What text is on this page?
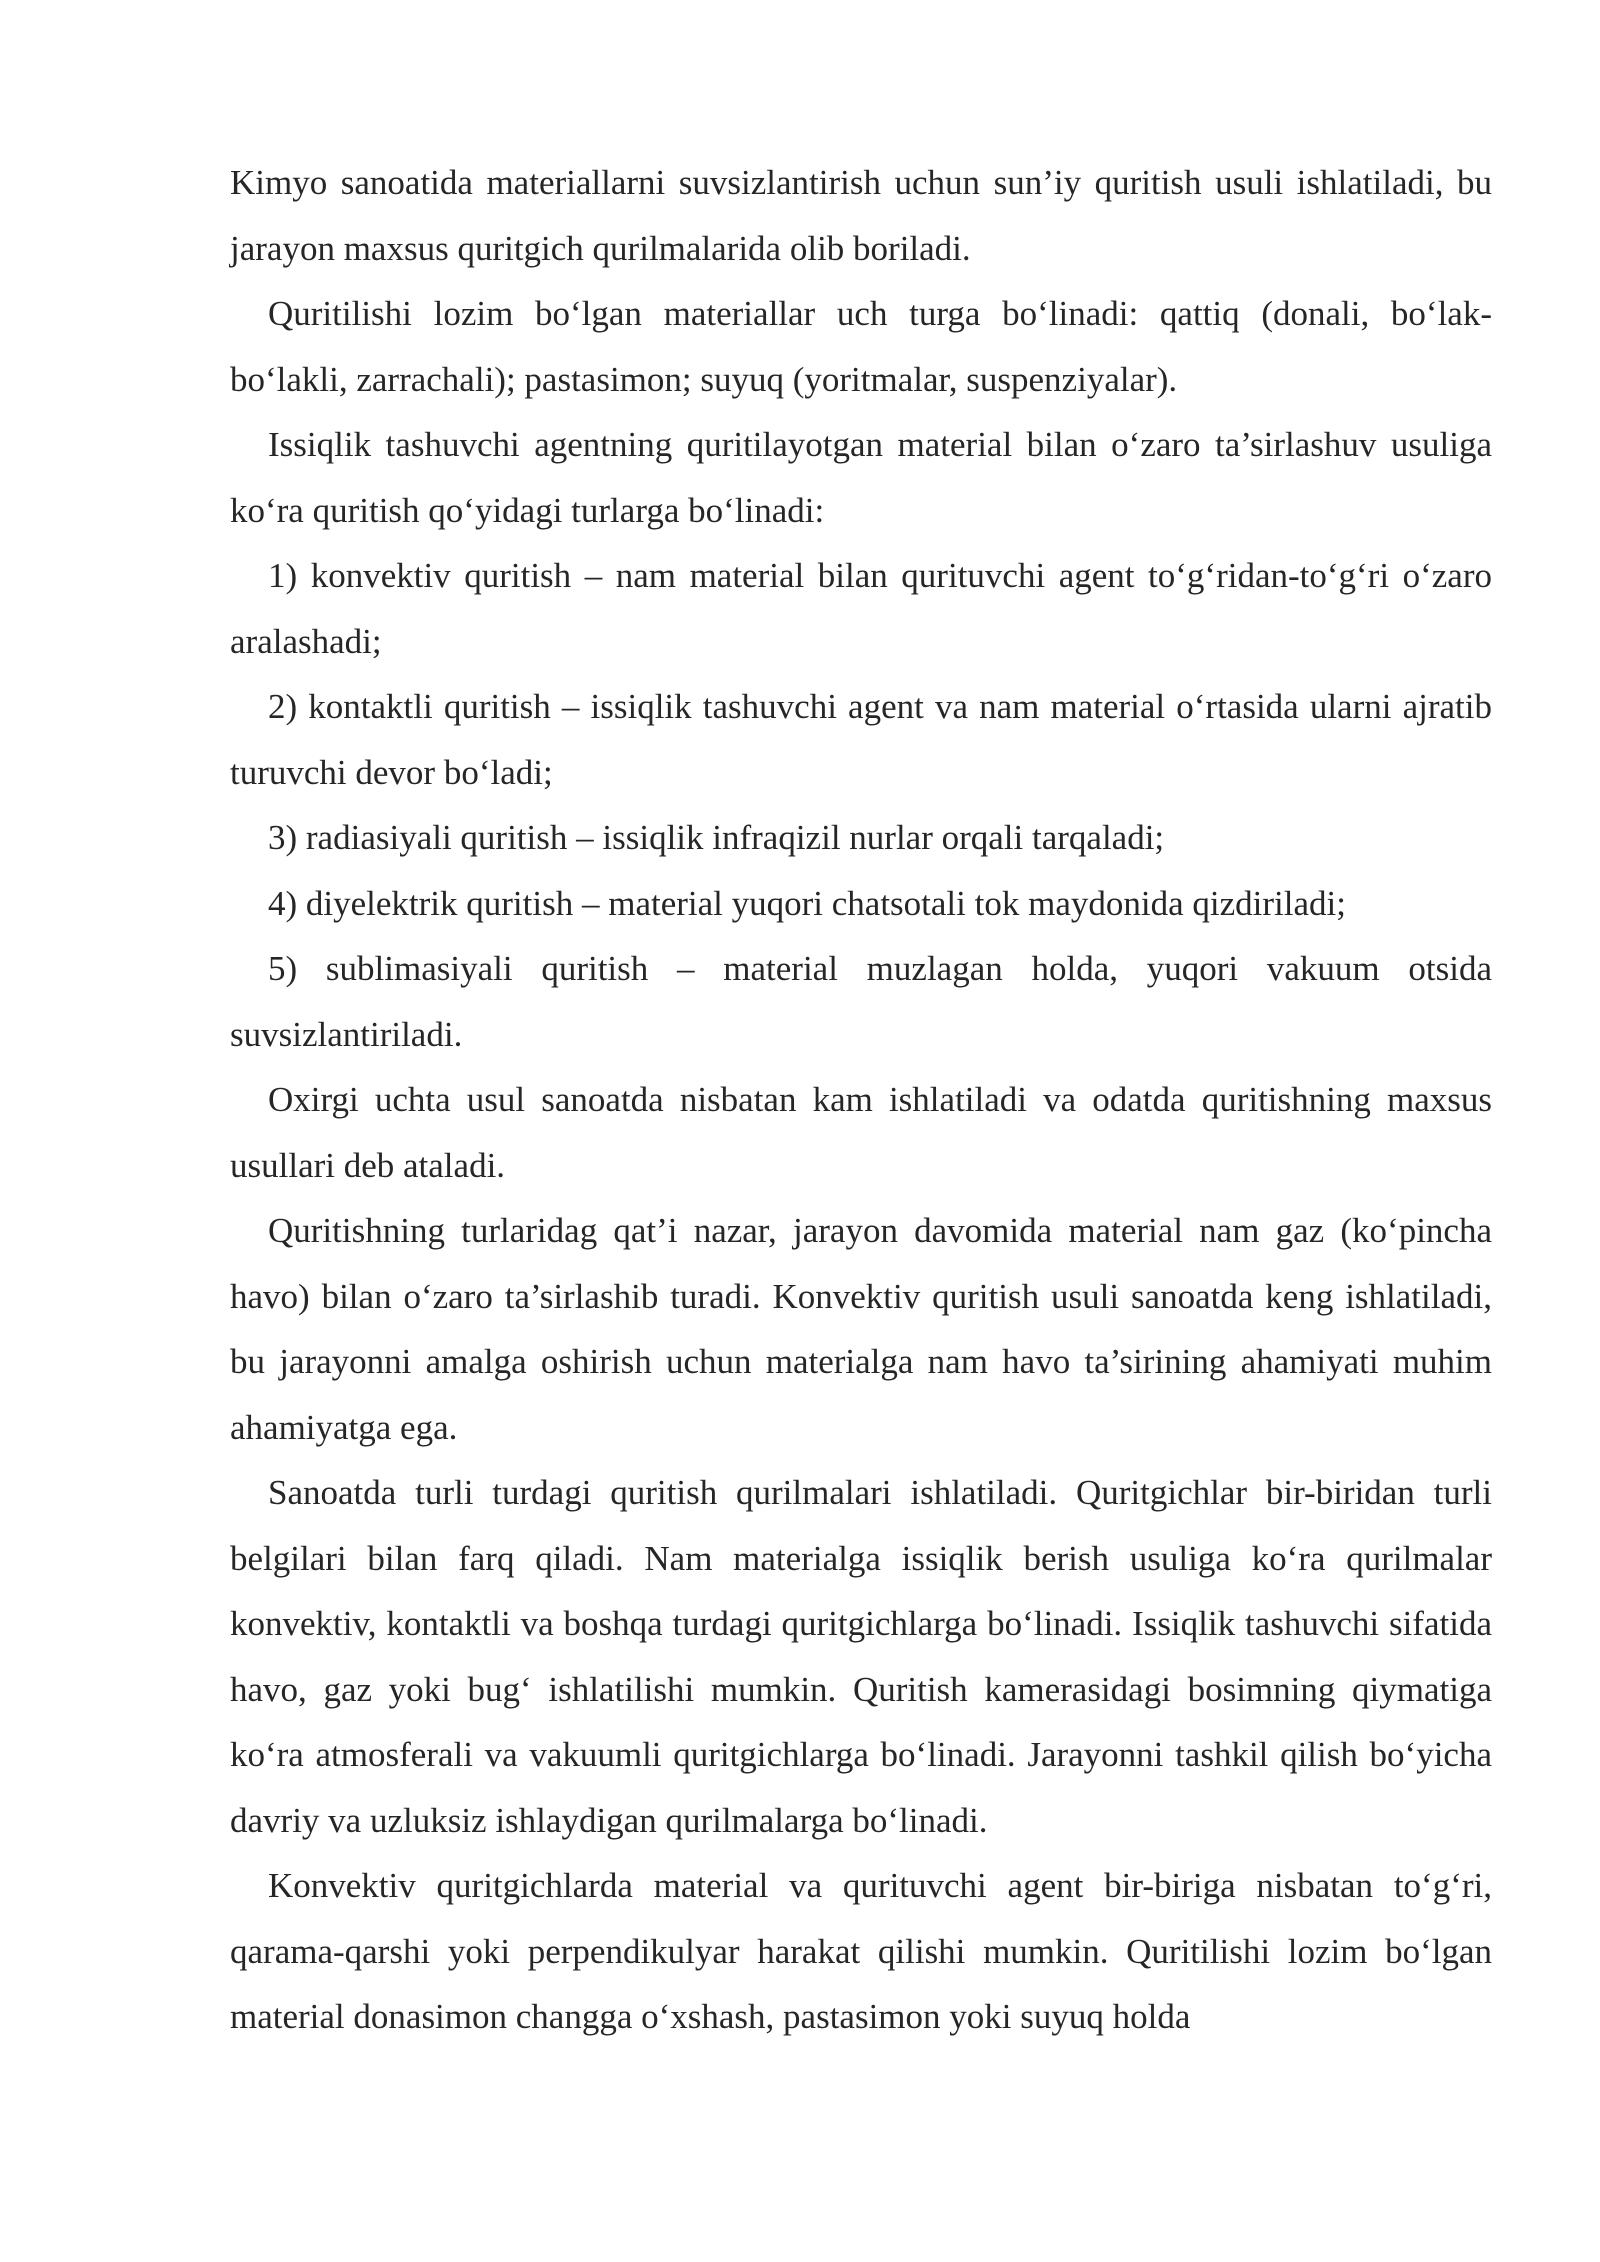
Kimyo sanoatida materiallarni suvsizlantirish uchun sun’iy quritish usuli ishlatiladi, bu jarayon maxsus quritgich qurilmalarida olib boriladi.

Quritilishi lozim bo‘lgan materiallar uch turga bo‘linadi: qattiq (donali, bo‘lak-bo‘lakli, zarrachali); pastasimon; suyuq (yoritmalar, suspenziyalar).

Issiqlik tashuvchi agentning quritilayotgan material bilan o‘zaro ta’sirlashuv usuliga ko‘ra quritish qo‘yidagi turlarga bo‘linadi:

1) konvektiv quritish – nam material bilan qurituvchi agent to‘g‘ridan-to‘g‘ri o‘zaro aralashadi;

2) kontaktli quritish – issiqlik tashuvchi agent va nam material o‘rtasida ularni ajratib turuvchi devor bo‘ladi;

3) radiasiyali quritish – issiqlik infraqizil nurlar orqali tarqaladi;

4) diyelektrik quritish – material yuqori chatsotali tok maydonida qizdiriladi;

5) sublimasiyali quritish – material muzlagan holda, yuqori vakuum otsida suvsizlantiriladi.

Oxirgi uchta usul sanoatda nisbatan kam ishlatiladi va odatda quritishning maxsus usullari deb ataladi.

Quritishning turlaridag qat’i nazar, jarayon davomida material nam gaz (ko‘pincha havo) bilan o‘zaro ta’sirlashib turadi. Konvektiv quritish usuli sanoatda keng ishlatiladi, bu jarayonni amalga oshirish uchun materialga nam havo ta’sirining ahamiyati muhim ahamiyatga ega.

Sanoatda turli turdagi quritish qurilmalari ishlatiladi. Quritgichlar bir-biridan turli belgilari bilan farq qiladi. Nam materialga issiqlik berish usuliga ko‘ra qurilmalar konvektiv, kontaktli va boshqa turdagi quritgichlarga bo‘linadi. Issiqlik tashuvchi sifatida havo, gaz yoki bug‘ ishlatilishi mumkin. Quritish kamerasidagi bosimning qiymatiga ko‘ra atmosferali va vakuumli quritgichlarga bo‘linadi. Jarayonni tashkil qilish bo‘yicha davriy va uzluksiz ishlaydigan qurilmalarga bo‘linadi.

Konvektiv quritgichlarda material va qurituvchi agent bir-biriga nisbatan to‘g‘ri, qarama-qarshi yoki perpendikulyar harakat qilishi mumkin. Quritilishi lozim bo‘lgan material donasimon changga o‘xshash, pastasimon yoki suyuq holda
